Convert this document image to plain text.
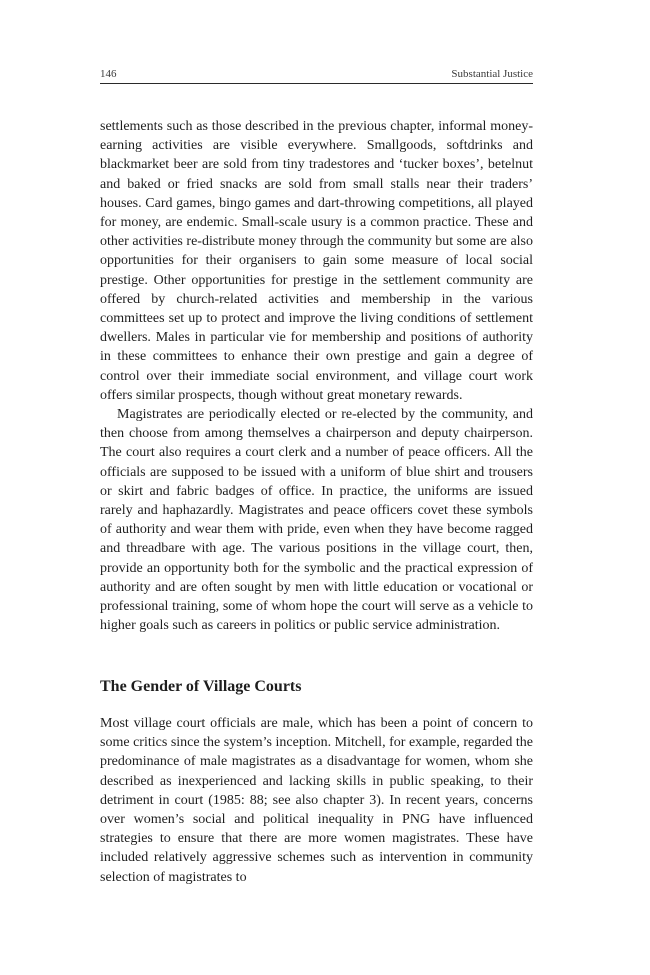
146	Substantial Justice

settlements such as those described in the previous chapter, informal money-earning activities are visible everywhere. Smallgoods, softdrinks and blackmarket beer are sold from tiny tradestores and ‘tucker boxes’, betelnut and baked or fried snacks are sold from small stalls near their traders’ houses. Card games, bingo games and dart-throwing competitions, all played for money, are endemic. Small-scale usury is a common practice. These and other activities re-distribute money through the community but some are also opportunities for their organisers to gain some measure of local social prestige. Other opportunities for prestige in the settlement community are offered by church-related activities and membership in the various committees set up to protect and improve the living conditions of settlement dwellers. Males in particular vie for membership and positions of authority in these committees to enhance their own prestige and gain a degree of control over their immediate social environment, and village court work offers similar prospects, though without great monetary rewards.

Magistrates are periodically elected or re-elected by the community, and then choose from among themselves a chairperson and deputy chairperson. The court also requires a court clerk and a number of peace officers. All the officials are supposed to be issued with a uniform of blue shirt and trousers or skirt and fabric badges of office. In practice, the uniforms are issued rarely and haphazardly. Magistrates and peace officers covet these symbols of authority and wear them with pride, even when they have become ragged and threadbare with age. The various positions in the village court, then, provide an opportunity both for the symbolic and the practical expression of authority and are often sought by men with little education or vocational or professional training, some of whom hope the court will serve as a vehicle to higher goals such as careers in politics or public service administration.

The Gender of Village Courts

Most village court officials are male, which has been a point of concern to some critics since the system’s inception. Mitchell, for example, regarded the predominance of male magistrates as a disadvantage for women, whom she described as inexperienced and lacking skills in public speaking, to their detriment in court (1985: 88; see also chapter 3). In recent years, concerns over women’s social and political inequality in PNG have influenced strategies to ensure that there are more women magistrates. These have included relatively aggressive schemes such as intervention in community selection of magistrates to
